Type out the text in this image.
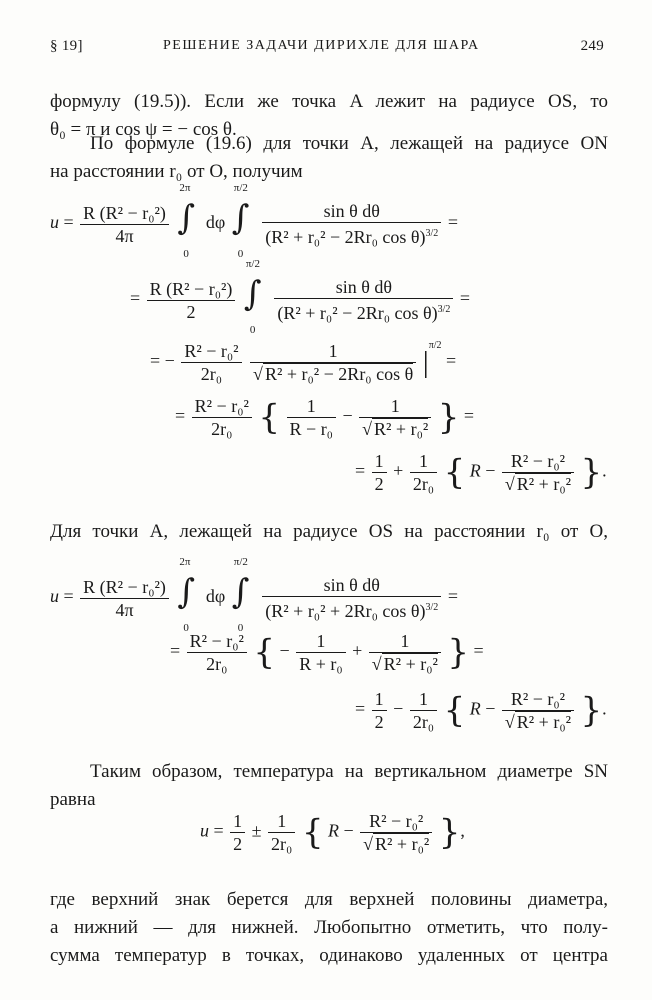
§ 19]	РЕШЕНИЕ ЗАДАЧИ ДИРИХЛЕ ДЛЯ ШАРА	249
формулу (19.5)). Если же точка A лежит на радиусе OS, то
θ₀ = π и cos ψ = − cos θ.
По формуле (19.6) для точки A, лежащей на радиусе ON
на расстоянии r₀ от O, получим
$u = \frac{\text{R (R² − r₀²)}}{4\pi}$

2π
∫
0
dφ
π/2
∫
0

$\frac{\text{sin θ dθ}}{(R^2 + r_0^2 - 2Rr_0 \cos \theta)^{3/2}}$ =
= $\frac{\text{R (R² − r₀²)}}{2}$

π/2
∫
0

$\frac{\text{sin θ dθ}}{(R^2 + r_0^2 - 2Rr_0 \cos \theta)^{3/2}}$ =
= − $\frac{\text{R² − r₀²}}{\text{2r₀}}$
$\frac{1}{\text{√ R² + r₀² − 2Rr₀ cos θ}} |^{\pi/2}$ =
= $\frac{\text{R² − r₀²}}{\text{2r₀}}$ { $\frac{1}{\text{R − r₀}} - \frac{1}{\text{√ R² + r₀²}}$ } =
= $\frac{1}{2} + \frac{1}{\text{2r₀}}$ { $R - \frac{\text{R² − r₀²}}{\text{√ R² + r₀²}}$ }.
Для точки A, лежащей на радиусе OS на расстоянии r₀ от O,
$u = \frac{\text{R (R² − r₀²)}}{4\pi}$

2π
∫
0
dφ
π/2
∫
0

$\frac{\text{sin θ dθ}}{(R^2 + r_0^2 + 2Rr_0 \cos \theta)^{3/2}}$ =
= $\frac{\text{R² − r₀²}}{\text{2r₀}}$ { − $\frac{1}{\text{R + r₀}} + \frac{1}{\text{√ R² + r₀²}}$ } =
= $\frac{1}{2} - \frac{1}{\text{2r₀}}$ { $R - \frac{\text{R² − r₀²}}{\text{√ R² + r₀²}}$ }.
Таким образом, температура на вертикальном диаметре SN
равна
$u = \frac{1}{2} \pm \frac{1}{\text{2r₀}}$ { $R - \frac{\text{R² − r₀²}}{\text{√ R² + r₀²}}$ },
где верхний знак берется для верхней половины диаметра,
а нижний — для нижней. Любопытно отметить, что полу-
сумма температур в точках, одинаково удаленных от центра
